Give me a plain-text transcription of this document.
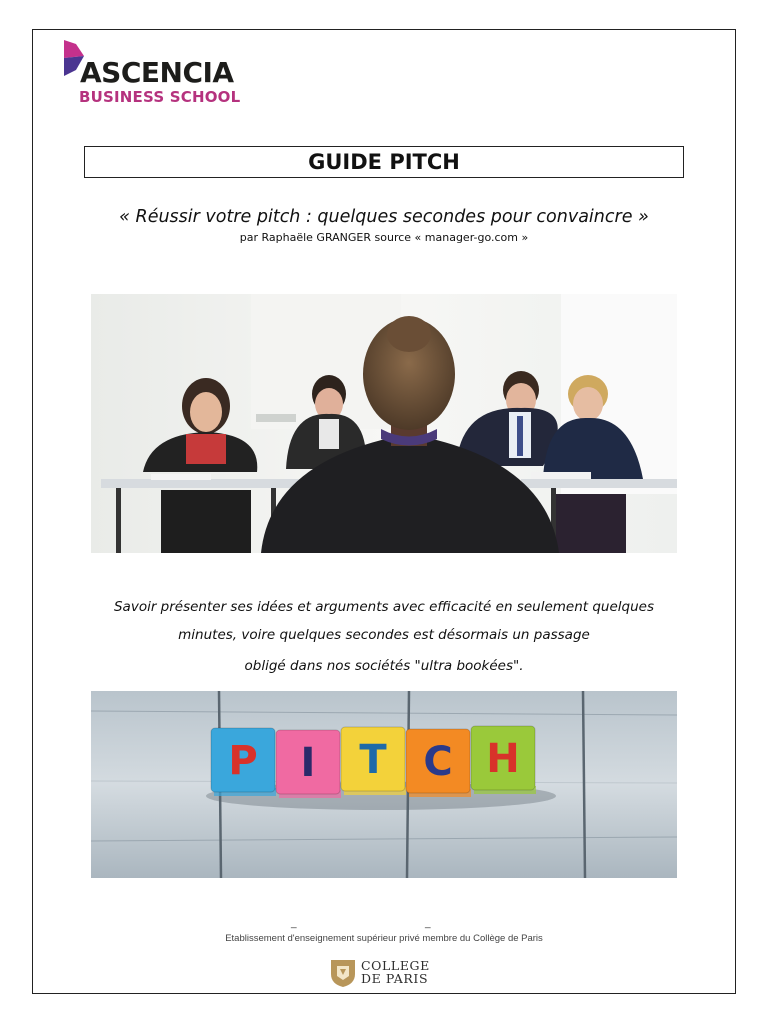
ASCENCIA
BUSINESS SCHOOL
GUIDE PITCH
« Réussir votre pitch : quelques secondes pour convaincre »
par Raphaële GRANGER source « manager-go.com »
Savoir présenter ses idées et arguments avec efficacité en seulement quelques
minutes, voire quelques secondes est désormais un passage
obligé dans nos sociétés "ultra bookées".
P I T C H
_	_
Etablissement d'enseignement supérieur privé membre du Collège de Paris
COLLEGE
DE PARIS
